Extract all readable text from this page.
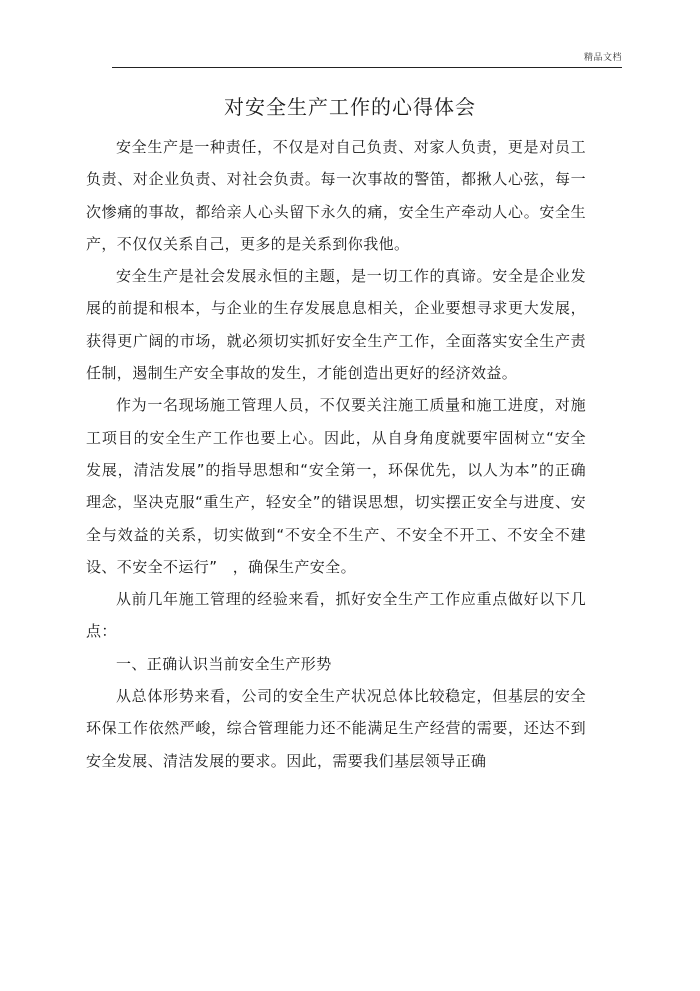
精品文档
对安全生产工作的心得体会

安全生产是一种责任，不仅是对自己负责、对家人负责，更是对员工负责、对企业负责、对社会负责。每一次事故的警笛，都揪人心弦，每一次惨痛的事故，都给亲人心头留下永久的痛，安全生产牵动人心。安全生产，不仅仅关系自己，更多的是关系到你我他。

安全生产是社会发展永恒的主题，是一切工作的真谛。安全是企业发展的前提和根本，与企业的生存发展息息相关，企业要想寻求更大发展，获得更广阔的市场，就必须切实抓好安全生产工作，全面落实安全生产责任制，遏制生产安全事故的发生，才能创造出更好的经济效益。

作为一名现场施工管理人员，不仅要关注施工质量和施工进度，对施工项目的安全生产工作也要上心。因此，从自身角度就要牢固树立“安全发展，清洁发展”的指导思想和“安全第一，环保优先，以人为本”的正确理念，坚决克服“重生产，轻安全”的错误思想，切实摆正安全与进度、安全与效益的关系，切实做到“不安全不生产、不安全不开工、不安全不建设、不安全不运行”　，确保生产安全。

从前几年施工管理的经验来看，抓好安全生产工作应重点做好以下几点：

一、正确认识当前安全生产形势

从总体形势来看，公司的安全生产状况总体比较稳定，但基层的安全环保工作依然严峻，综合管理能力还不能满足生产经营的需要，还达不到安全发展、清洁发展的要求。因此，需要我们基层领导正确
